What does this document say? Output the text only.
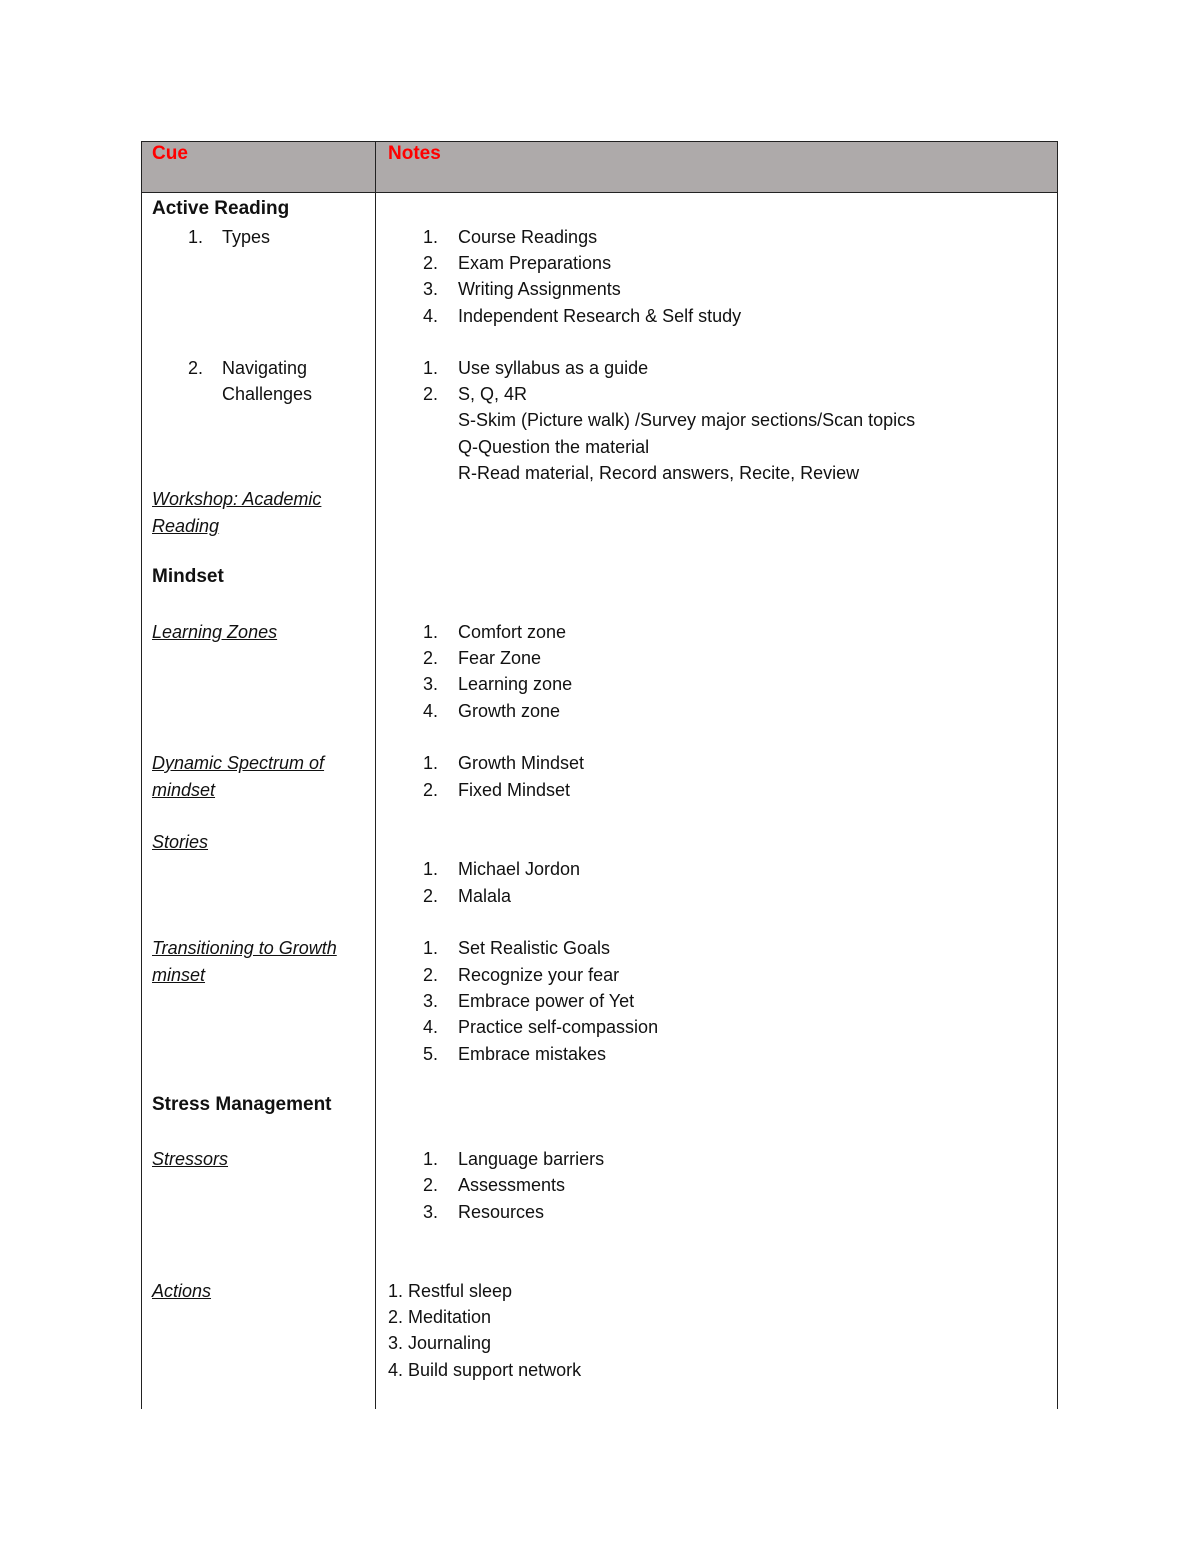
Cue	Notes
Active Reading
1. Types
2. Navigating
Challenges
Workshop: Academic
Reading
Mindset
Learning Zones
Dynamic Spectrum of
mindset
Stories
Transitioning to Growth
minset
Stress Management
Stressors
Actions
1. Course Readings
2. Exam Preparations
3. Writing Assignments
4. Independent Research & Self study
1. Use syllabus as a guide
2. S, Q, 4R
S-Skim (Picture walk) /Survey major sections/Scan topics
Q-Question the material
R-Read material, Record answers, Recite, Review
1. Comfort zone
2. Fear Zone
3. Learning zone
4. Growth zone
1. Growth Mindset
2. Fixed Mindset
1. Michael Jordon
2. Malala
1. Set Realistic Goals
2. Recognize your fear
3. Embrace power of Yet
4. Practice self-compassion
5. Embrace mistakes
1. Language barriers
2. Assessments
3. Resources
1. Restful sleep
2. Meditation
3. Journaling
4. Build support network
